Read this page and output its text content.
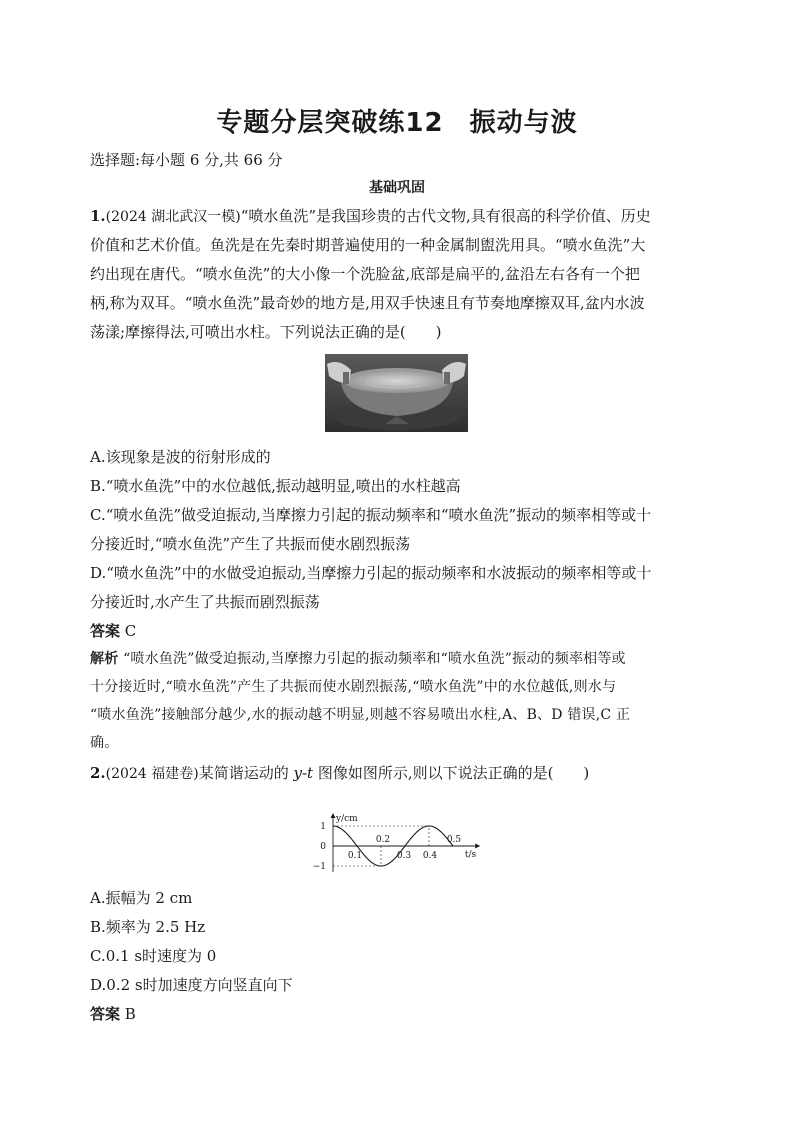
专题分层突破练12 振动与波
选择题:每小题 6 分,共 66 分
基础巩固
1.(2024 湖北武汉一模)“喷水鱼洗”是我国珍贵的古代文物,具有很高的科学价值、历史
价值和艺术价值。鱼洗是在先秦时期普遍使用的一种金属制盥洗用具。“喷水鱼洗”大
约出现在唐代。“喷水鱼洗”的大小像一个洗脸盆,底部是扁平的,盆沿左右各有一个把
柄,称为双耳。“喷水鱼洗”最奇妙的地方是,用双手快速且有节奏地摩擦双耳,盆内水波
荡漾;摩擦得法,可喷出水柱。下列说法正确的是(　　)
A.该现象是波的衍射形成的
B.“喷水鱼洗”中的水位越低,振动越明显,喷出的水柱越高
C.“喷水鱼洗”做受迫振动,当摩擦力引起的振动频率和“喷水鱼洗”振动的频率相等或十
分接近时,“喷水鱼洗”产生了共振而使水剧烈振荡
D.“喷水鱼洗”中的水做受迫振动,当摩擦力引起的振动频率和水波振动的频率相等或十
分接近时,水产生了共振而剧烈振荡
答案 C
解析 “喷水鱼洗”做受迫振动,当摩擦力引起的振动频率和“喷水鱼洗”振动的频率相等或
十分接近时,“喷水鱼洗”产生了共振而使水剧烈振荡,“喷水鱼洗”中的水位越低,则水与
“喷水鱼洗”接触部分越少,水的振动越不明显,则越不容易喷出水柱,A、B、D 错误,C 正
确。
2.(2024 福建卷)某简谐运动的 y-t 图像如图所示,则以下说法正确的是(　　)
y/cm
t/s
1
0
−1
0.1
0.2
0.3 0.4
0.5
A.振幅为 2 cm
B.频率为 2.5 Hz
C.0.1 s时速度为 0
D.0.2 s时加速度方向竖直向下
答案 B
